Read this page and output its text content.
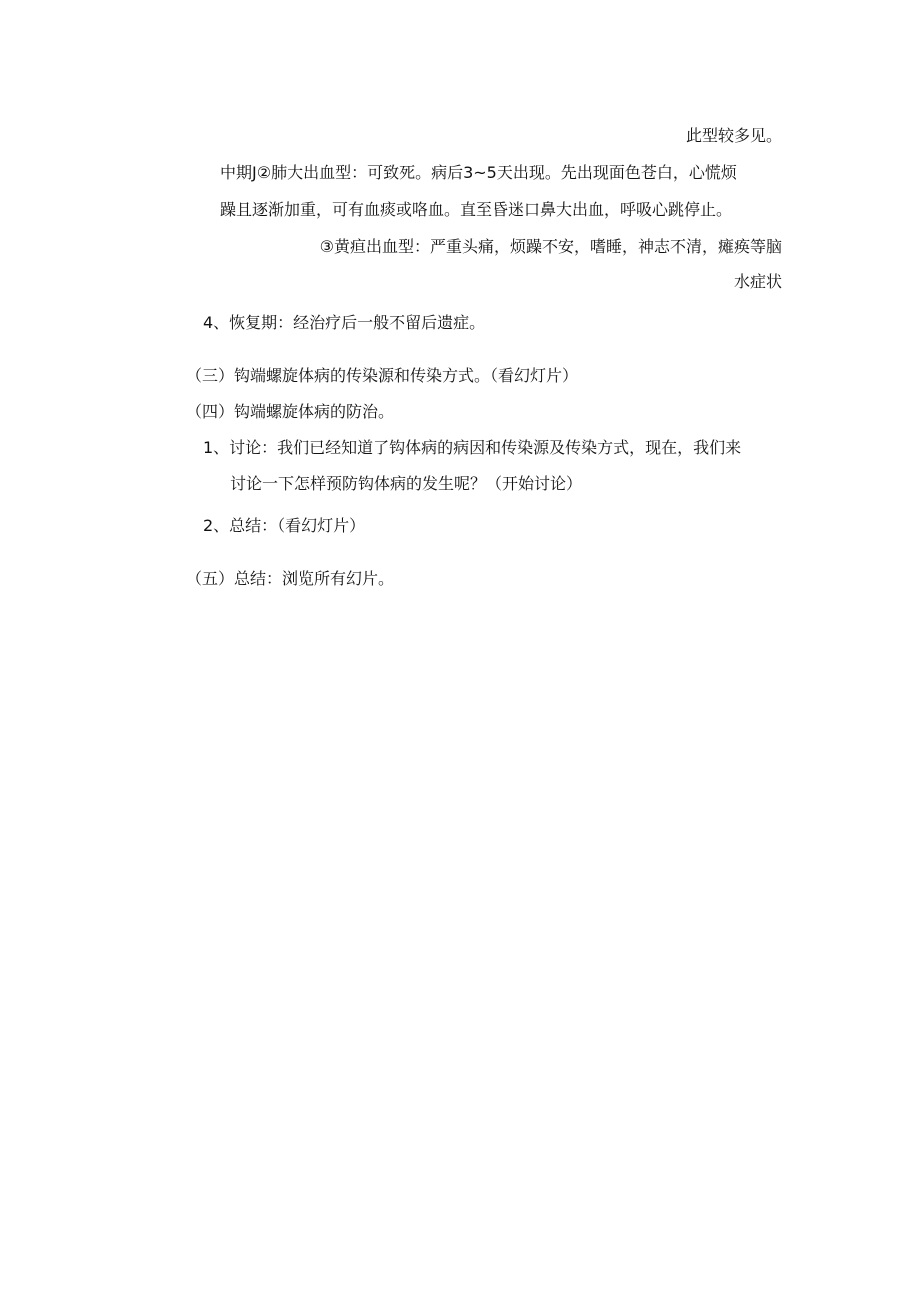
此型较多见。
中期J②肺大出血型：可致死。病后3~5天出现。先出现面色苍白，心慌烦
躁且逐渐加重，可有血痰或咯血。直至昏迷口鼻大出血，呼吸心跳停止。
③黄疸出血型：严重头痛，烦躁不安，嗜睡，神志不清，瘫痪等脑
水症状
4、恢复期：经治疗后一般不留后遗症。
（三）钩端螺旋体病的传染源和传染方式。（看幻灯片）
（四）钩端螺旋体病的防治。
1、讨论：我们已经知道了钩体病的病因和传染源及传染方式，现在，我们来
讨论一下怎样预防钩体病的发生呢？（开始讨论）
2、总结：（看幻灯片）
（五）总结：浏览所有幻片。
